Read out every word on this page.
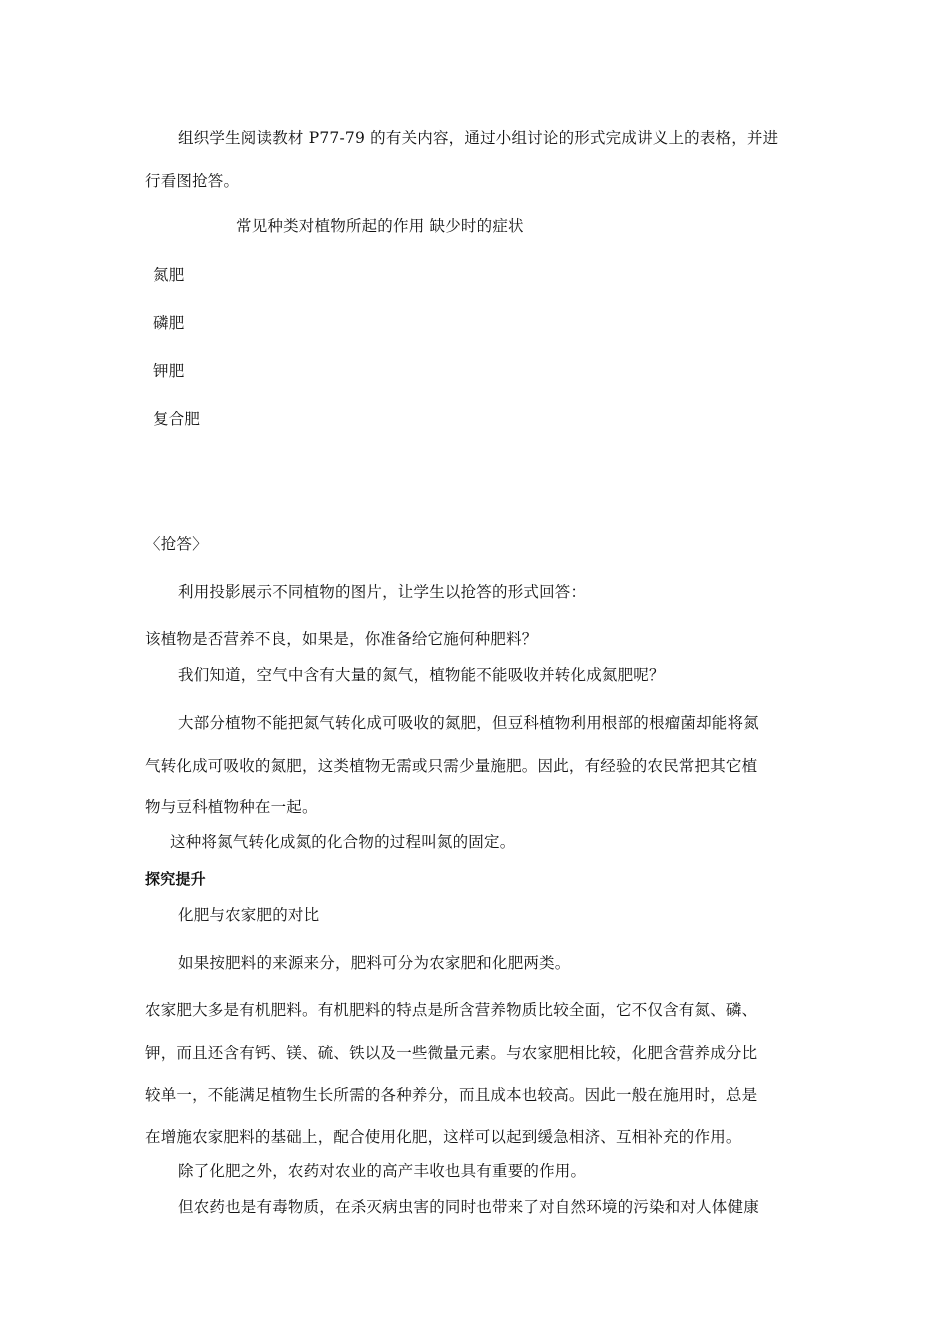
组织学生阅读教材 P77-79 的有关内容，通过小组讨论的形式完成讲义上的表格，并进
行看图抢答。
常见种类对植物所起的作用 缺少时的症状
氮肥
磷肥
钾肥
复合肥
〈抢答〉
利用投影展示不同植物的图片，让学生以抢答的形式回答：
该植物是否营养不良，如果是，你准备给它施何种肥料？
我们知道，空气中含有大量的氮气，植物能不能吸收并转化成氮肥呢？
大部分植物不能把氮气转化成可吸收的氮肥，但豆科植物利用根部的根瘤菌却能将氮
气转化成可吸收的氮肥，这类植物无需或只需少量施肥。因此，有经验的农民常把其它植
物与豆科植物种在一起。
这种将氮气转化成氮的化合物的过程叫氮的固定。
探究提升
化肥与农家肥的对比
如果按肥料的来源来分，肥料可分为农家肥和化肥两类。
农家肥大多是有机肥料。有机肥料的特点是所含营养物质比较全面，它不仅含有氮、磷、
钾，而且还含有钙、镁、硫、铁以及一些微量元素。与农家肥相比较，化肥含营养成分比
较单一，不能满足植物生长所需的各种养分，而且成本也较高。因此一般在施用时，总是
在增施农家肥料的基础上，配合使用化肥，这样可以起到缓急相济、互相补充的作用。
除了化肥之外，农药对农业的高产丰收也具有重要的作用。
但农药也是有毒物质，在杀灭病虫害的同时也带来了对自然环境的污染和对人体健康
